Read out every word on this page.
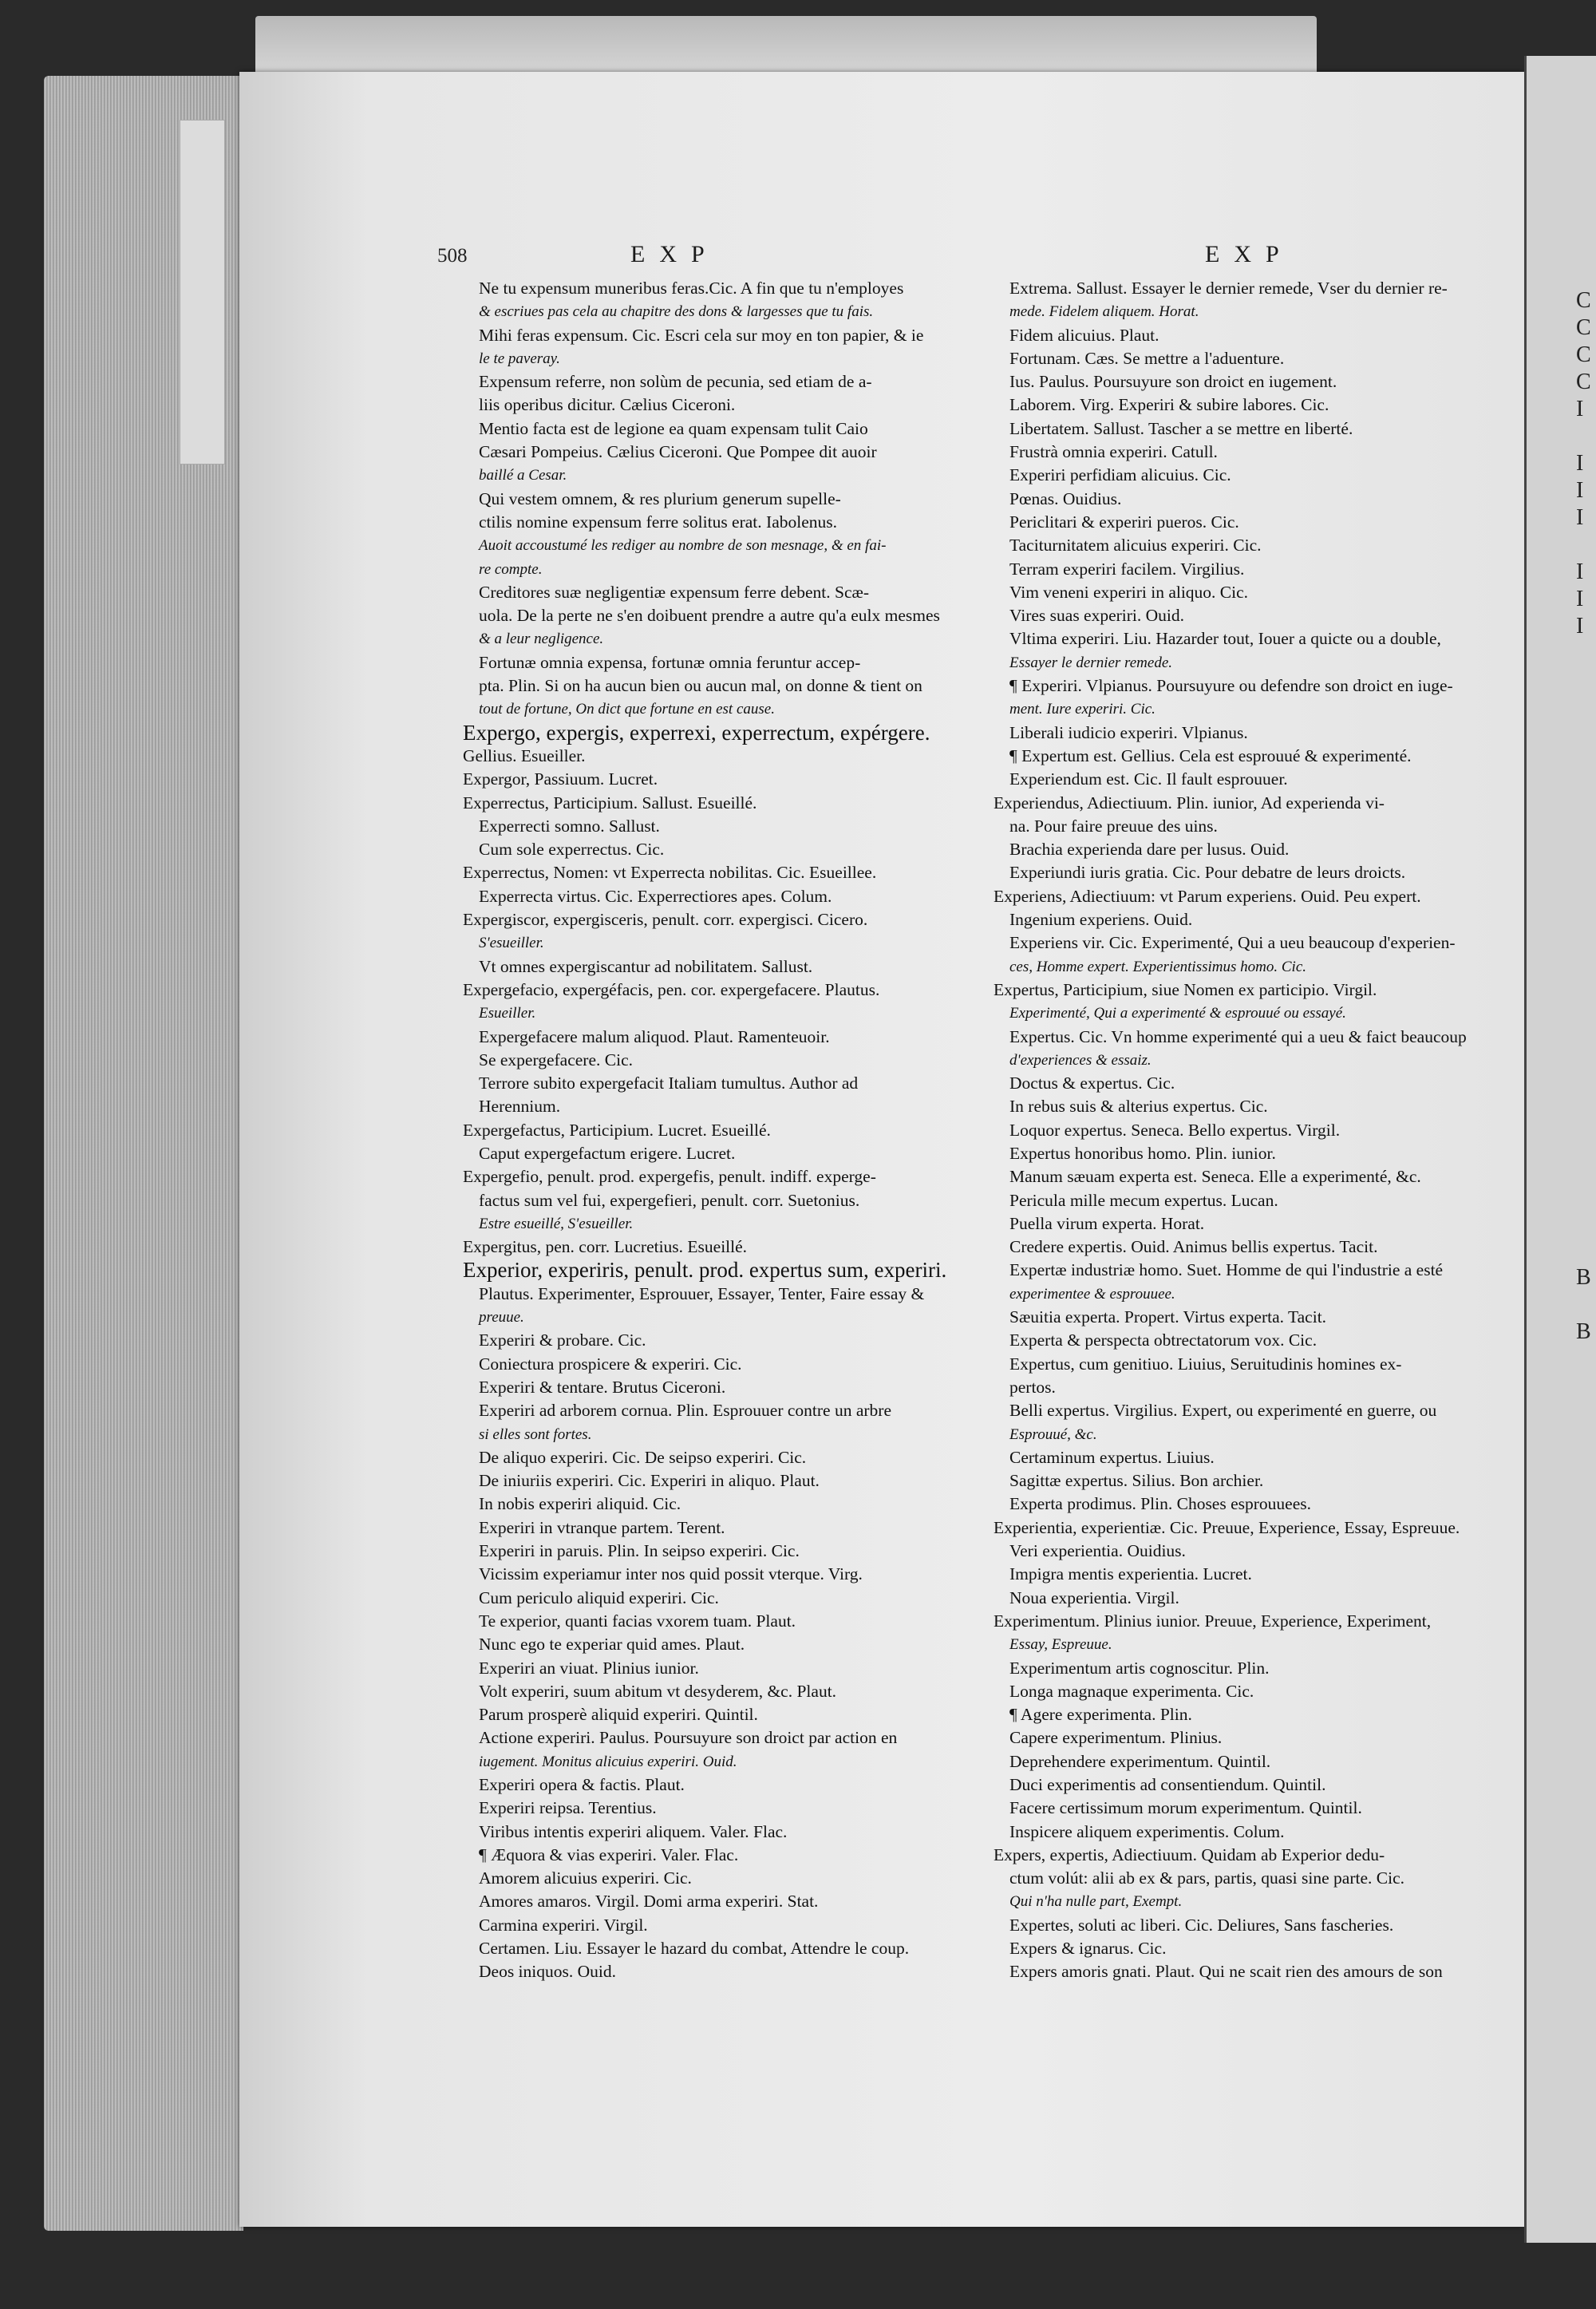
C
C
C
C
I

I
I
I

I
I
I

B

B
508	EXP	EXP
Ne tu expensum muneribus feras.Cic. A fin que tu n'employes
& escriues pas cela au chapitre des dons & largesses que tu fais.
Mihi feras expensum. Cic. Escri cela sur moy en ton papier, & ie
le te paveray.
Expensum referre, non solùm de pecunia, sed etiam de a-
liis operibus dicitur. Cælius Ciceroni.
Mentio facta est de legione ea quam expensam tulit Caio
Cæsari Pompeius. Cælius Ciceroni. Que Pompee dit auoir
baillé a Cesar.
Qui vestem omnem, & res plurium generum supelle-
ctilis nomine expensum ferre solitus erat. Iabolenus.
Auoit accoustumé les rediger au nombre de son mesnage, & en fai-
re compte.
Creditores suæ negligentiæ expensum ferre debent. Scæ-
uola. De la perte ne s'en doibuent prendre a autre qu'a eulx mesmes
& a leur negligence.
Fortunæ omnia expensa, fortunæ omnia feruntur accep-
pta. Plin. Si on ha aucun bien ou aucun mal, on donne & tient on
tout de fortune, On dict que fortune en est cause.
Expergo, expergis, experrexi, experrectum, expérgere.
Gellius. Esueiller.
Expergor, Passiuum. Lucret.
Experrectus, Participium. Sallust. Esueillé.
Experrecti somno. Sallust.
Cum sole experrectus. Cic.
Experrectus, Nomen: vt Experrecta nobilitas. Cic. Esueillee.
Experrecta virtus. Cic. Experrectiores apes. Colum.
Expergiscor, expergisceris, penult. corr. expergisci. Cicero.
S'esueiller.
Vt omnes expergiscantur ad nobilitatem. Sallust.
Expergefacio, expergéfacis, pen. cor. expergefacere. Plautus.
Esueiller.
Expergefacere malum aliquod. Plaut. Ramenteuoir.
Se expergefacere. Cic.
Terrore subito expergefacit Italiam tumultus. Author ad
Herennium.
Expergefactus, Participium. Lucret. Esueillé.
Caput expergefactum erigere. Lucret.
Expergefio, penult. prod. expergefis, penult. indiff. experge-
factus sum vel fui, expergefieri, penult. corr. Suetonius.
Estre esueillé, S'esueiller.
Expergitus, pen. corr. Lucretius. Esueillé.
Experior, experiris, penult. prod. expertus sum, experiri.
Plautus. Experimenter, Esprouuer, Essayer, Tenter, Faire essay &
preuue.
Experiri & probare. Cic.
Coniectura prospicere & experiri. Cic.
Experiri & tentare. Brutus Ciceroni.
Experiri ad arborem cornua. Plin. Esprouuer contre un arbre
si elles sont fortes.
De aliquo experiri. Cic. De seipso experiri. Cic.
De iniuriis experiri. Cic. Experiri in aliquo. Plaut.
In nobis experiri aliquid. Cic.
Experiri in vtranque partem. Terent.
Experiri in paruis. Plin. In seipso experiri. Cic.
Vicissim experiamur inter nos quid possit vterque. Virg.
Cum periculo aliquid experiri. Cic.
Te experior, quanti facias vxorem tuam. Plaut.
Nunc ego te experiar quid ames. Plaut.
Experiri an viuat. Plinius iunior.
Volt experiri, suum abitum vt desyderem, &c. Plaut.
Parum prosperè aliquid experiri. Quintil.
Actione experiri. Paulus. Poursuyure son droict par action en
iugement. Monitus alicuius experiri. Ouid.
Experiri opera & factis. Plaut.
Experiri reipsa. Terentius.
Viribus intentis experiri aliquem. Valer. Flac.
¶ Æquora & vias experiri. Valer. Flac.
Amorem alicuius experiri. Cic.
Amores amaros. Virgil. Domi arma experiri. Stat.
Carmina experiri. Virgil.
Certamen. Liu. Essayer le hazard du combat, Attendre le coup.
Deos iniquos. Ouid.
Extrema. Sallust. Essayer le dernier remede, Vser du dernier re-
mede. Fidelem aliquem. Horat.
Fidem alicuius. Plaut.
Fortunam. Cæs. Se mettre a l'aduenture.
Ius. Paulus. Poursuyure son droict en iugement.
Laborem. Virg. Experiri & subire labores. Cic.
Libertatem. Sallust. Tascher a se mettre en liberté.
Frustrà omnia experiri. Catull.
Experiri perfidiam alicuius. Cic.
Pœnas. Ouidius.
Periclitari & experiri pueros. Cic.
Taciturnitatem alicuius experiri. Cic.
Terram experiri facilem. Virgilius.
Vim veneni experiri in aliquo. Cic.
Vires suas experiri. Ouid.
Vltima experiri. Liu. Hazarder tout, Iouer a quicte ou a double,
Essayer le dernier remede.
¶ Experiri. Vlpianus. Poursuyure ou defendre son droict en iuge-
ment. Iure experiri. Cic.
Liberali iudicio experiri. Vlpianus.
¶ Expertum est. Gellius. Cela est esprouué & experimenté.
Experiendum est. Cic. Il fault esprouuer.
Experiendus, Adiectiuum. Plin. iunior, Ad experienda vi-
na. Pour faire preuue des uins.
Brachia experienda dare per lusus. Ouid.
Experiundi iuris gratia. Cic. Pour debatre de leurs droicts.
Experiens, Adiectiuum: vt Parum experiens. Ouid. Peu expert.
Ingenium experiens. Ouid.
Experiens vir. Cic. Experimenté, Qui a ueu beaucoup d'experien-
ces, Homme expert. Experientissimus homo. Cic.
Expertus, Participium, siue Nomen ex participio. Virgil.
Experimenté, Qui a experimenté & esprouué ou essayé.
Expertus. Cic. Vn homme experimenté qui a ueu & faict beaucoup
d'experiences & essaiz.
Doctus & expertus. Cic.
In rebus suis & alterius expertus. Cic.
Loquor expertus. Seneca. Bello expertus. Virgil.
Expertus honoribus homo. Plin. iunior.
Manum sæuam experta est. Seneca. Elle a experimenté, &c.
Pericula mille mecum expertus. Lucan.
Puella virum experta. Horat.
Credere expertis. Ouid. Animus bellis expertus. Tacit.
Expertæ industriæ homo. Suet. Homme de qui l'industrie a esté
experimentee & esprouuee.
Sæuitia experta. Propert. Virtus experta. Tacit.
Experta & perspecta obtrectatorum vox. Cic.
Expertus, cum genitiuo. Liuius, Seruitudinis homines ex-
pertos.
Belli expertus. Virgilius. Expert, ou experimenté en guerre, ou
Esprouué, &c.
Certaminum expertus. Liuius.
Sagittæ expertus. Silius. Bon archier.
Experta prodimus. Plin. Choses esprouuees.
Experientia, experientiæ. Cic. Preuue, Experience, Essay, Espreuue.
Veri experientia. Ouidius.
Impigra mentis experientia. Lucret.
Noua experientia. Virgil.
Experimentum. Plinius iunior. Preuue, Experience, Experiment,
Essay, Espreuue.
Experimentum artis cognoscitur. Plin.
Longa magnaque experimenta. Cic.
¶ Agere experimenta. Plin.
Capere experimentum. Plinius.
Deprehendere experimentum. Quintil.
Duci experimentis ad consentiendum. Quintil.
Facere certissimum morum experimentum. Quintil.
Inspicere aliquem experimentis. Colum.
Expers, expertis, Adiectiuum. Quidam ab Experior dedu-
ctum volút: alii ab ex & pars, partis, quasi sine parte. Cic.
Qui n'ha nulle part, Exempt.
Expertes, soluti ac liberi. Cic. Deliures, Sans fascheries.
Expers & ignarus. Cic.
Expers amoris gnati. Plaut. Qui ne scait rien des amours de son
